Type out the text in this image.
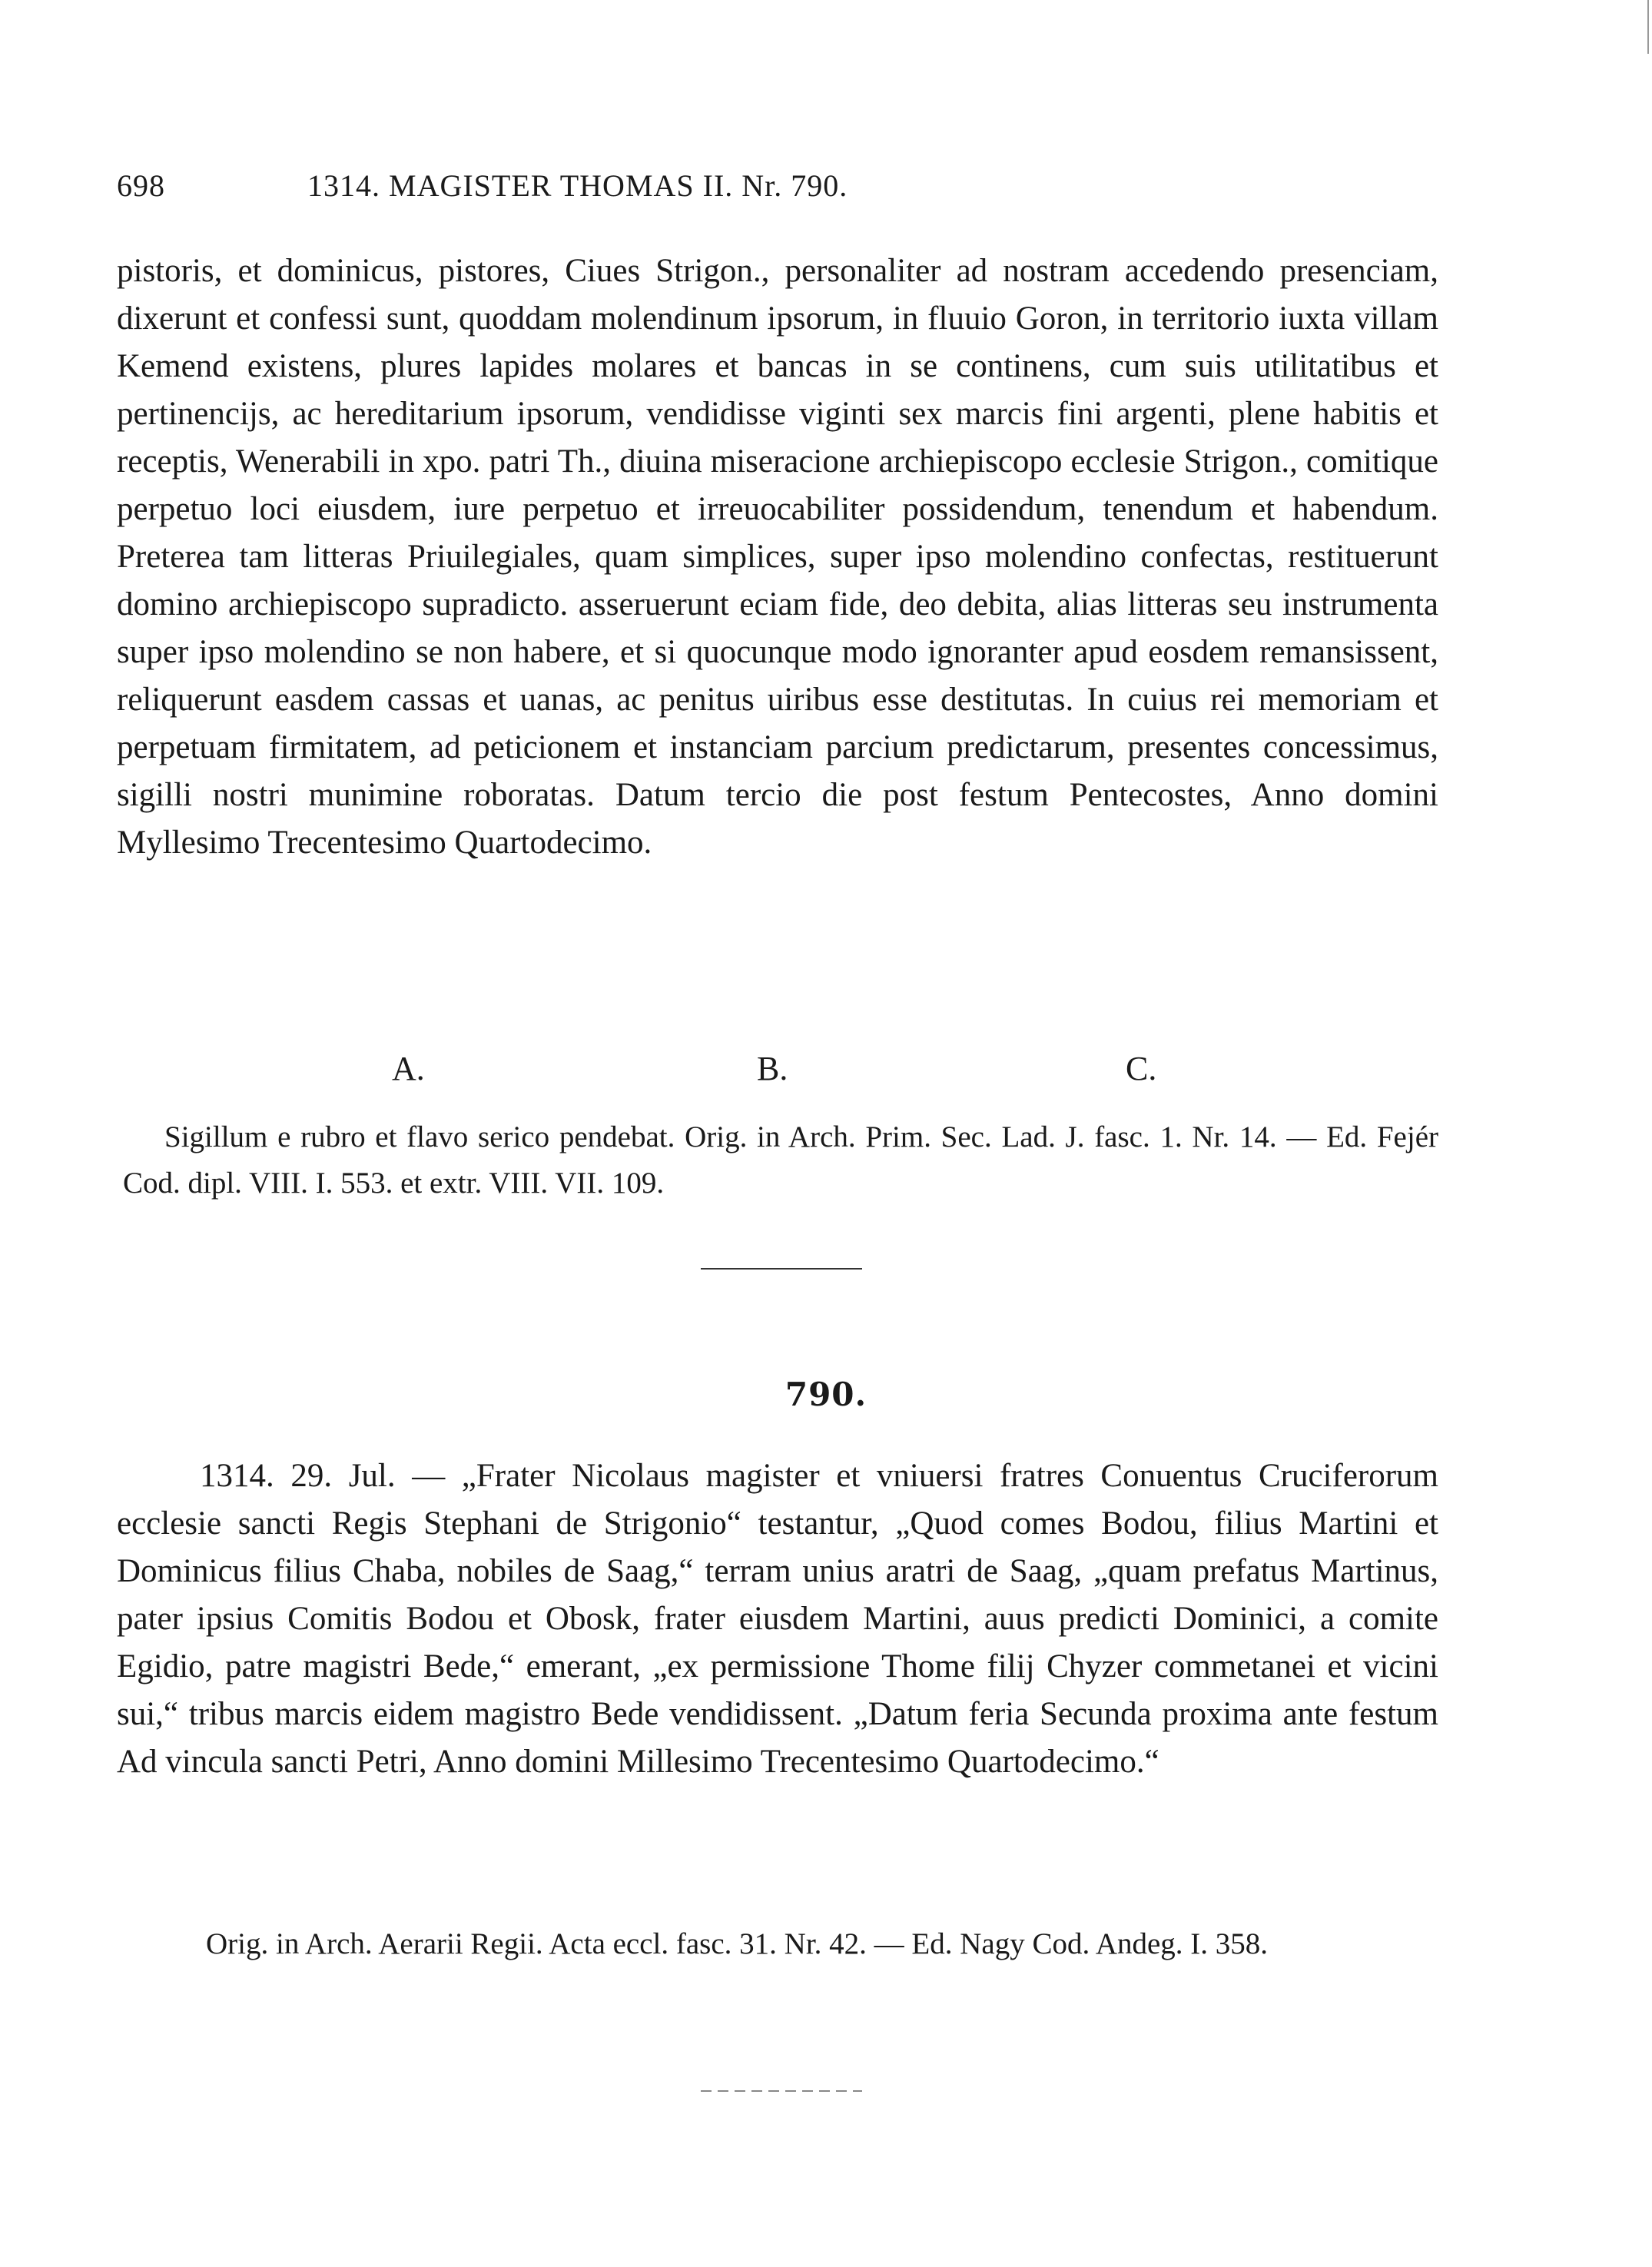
698	1314. MAGISTER THOMAS II. Nr. 790.

pistoris, et dominicus, pistores, Ciues Strigon., personaliter ad nostram accedendo presenciam, dixerunt et confessi sunt, quoddam molendinum ipsorum, in fluuio Goron, in territorio iuxta villam Kemend existens, plures lapides molares et bancas in se continens, cum suis utilitatibus et pertinencijs, ac hereditarium ipsorum, vendidisse viginti sex marcis fini argenti, plene habitis et receptis, Wenerabili in xpo. patri Th., diuina miseracione archiepiscopo ecclesie Strigon., comitique perpetuo loci eiusdem, iure perpetuo et irreuocabiliter possidendum, tenendum et habendum. Preterea tam litteras Priuilegiales, quam simplices, super ipso molendino confectas, restituerunt domino archiepiscopo supradicto. asseruerunt eciam fide, deo debita, alias litteras seu instrumenta super ipso molendino se non habere, et si quocunque modo ignoranter apud eosdem remansissent, reliquerunt easdem cassas et uanas, ac penitus uiribus esse destitutas. In cuius rei memoriam et perpetuam firmitatem, ad peticionem et instanciam parcium predictarum, presentes concessimus, sigilli nostri munimine roboratas. Datum tercio die post festum Pentecostes, Anno domini Myllesimo Trecentesimo Quartodecimo.

A.	B.	C.

Sigillum e rubro et flavo serico pendebat. Orig. in Arch. Prim. Sec. Lad. J. fasc. 1. Nr. 14. — Ed. Fejér Cod. dipl. VIII. I. 553. et extr. VIII. VII. 109.

790.

1314. 29. Jul. — „Frater Nicolaus magister et vniuersi fratres Conuentus Cruciferorum ecclesie sancti Regis Stephani de Strigonio“ testantur, „Quod comes Bodou, filius Martini et Dominicus filius Chaba, nobiles de Saag,“ terram unius aratri de Saag, „quam prefatus Martinus, pater ipsius Comitis Bodou et Obosk, frater eiusdem Martini, auus predicti Dominici, a comite Egidio, patre magistri Bede,“ emerant, „ex permissione Thome filij Chyzer commetanei et vicini sui,“ tribus marcis eidem magistro Bede vendidissent. „Datum feria Secunda proxima ante festum Ad vincula sancti Petri, Anno domini Millesimo Trecentesimo Quartodecimo.“

Orig. in Arch. Aerarii Regii. Acta eccl. fasc. 31. Nr. 42. — Ed. Nagy Cod. Andeg. I. 358.
